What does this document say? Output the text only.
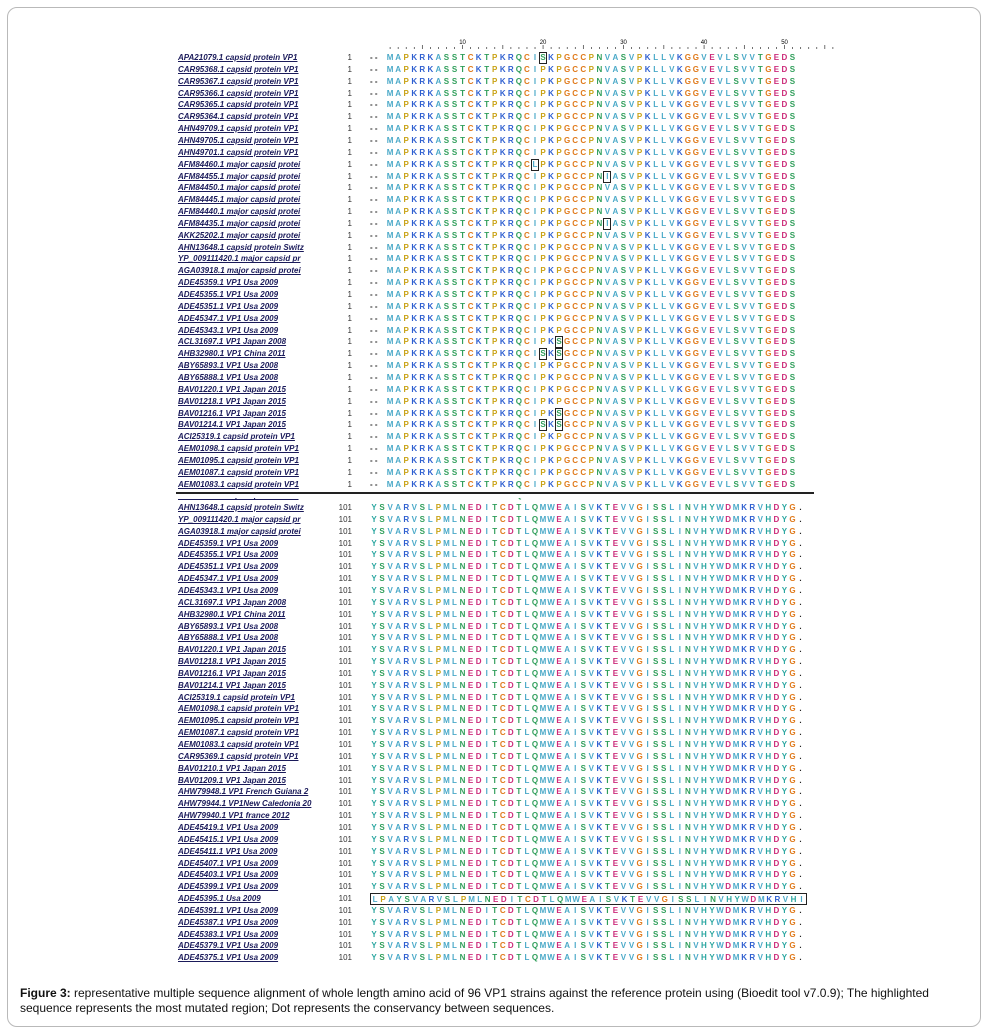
10	20	30	40	50
APA21079.1 capsid protein VP1	1 - - M A P K R K A S S T C K T P K R Q C I S K P G C C P N V A S V P K L L V K G G V E V L S V V T G E D S
CAR95368.1 capsid protein VP1	1 - - M A P K R K A S S T C K T P K R Q C I P K P G C C P N V A S V P K L L V K G G V E V L S V V T G E D S
CAR95367.1 capsid protein VP1	1 - - M A P K R K A S S T C K T P K R Q C I P K P G C C P N V A S V P K L L V K G G V E V L S V V T G E D S
CAR95366.1 capsid protein VP1	1 - - M A P K R K A S S T C K T P K R Q C I P K P G C C P N V A S V P K L L V K G G V E V L S V V T G E D S
CAR95365.1 capsid protein VP1	1 - - M A P K R K A S S T C K T P K R Q C I P K P G C C P N V A S V P K L L V K G G V E V L S V V T G E D S
CAR95364.1 capsid protein VP1	1 - - M A P K R K A S S T C K T P K R Q C I P K P G C C P N V A S V P K L L V K G G V E V L S V V T G E D S
AHN49709.1 capsid protein VP1	1 - - M A P K R K A S S T C K T P K R Q C I P K P G C C P N V A S V P K L L V K G G V E V L S V V T G E D S
AHN49705.1 capsid protein VP1	1 - - M A P K R K A S S T C K T P K R Q C I P K P G C C P N V A S V P K L L V K G G V E V L S V V T G E D S
AHN49701.1 capsid protein VP1	1 - - M A P K R K A S S T C K T P K R Q C I P K P G C C P N V A S V P K L L V K G G V E V L S V V T G E D S
AFM84460.1 major capsid protei	1 - - M A P K R K A S S T C K T P K R Q C L P K P G C C P N V A S V P K L L V K G G V E V L S V V T G E D S
AFM84455.1 major capsid protei	1 - - M A P K R K A S S T C K T P K R Q C I P K P G C C P N I A S V P K L L V K G G V E V L S V V T G E D S
AFM84450.1 major capsid protei	1 - - M A P K R K A S S T C K T P K R Q C I P K P G C C P N V A S V P K L L V K G G V E V L S V V T G E D S
AFM84445.1 major capsid protei	1 - - M A P K R K A S S T C K T P K R Q C I P K P G C C P N V A S V P K L L V K G G V E V L S V V T G E D S
AFM84440.1 major capsid protei	1 - - M A P K R K A S S T C K T P K R Q C I P K P G C C P N V A S V P K L L V K G G V E V L S V V T G E D S
AFM84435.1 major capsid protei	1 - - M A P K R K A S S T C K T P K R Q C I P K P G C C P N I A S V P K L L V K G G V E V L S V V T G E D S
AKK25202.1 major capsid protei	1 - - M A P K R K A S S T C K T P K R Q C I P K P G C C P N V A S V P K L L V K G G V E V L S V V T G E D S
AHN13648.1 capsid protein Switz	1 - - M A P K R K A S S T C K T P K R Q C I P K P G C C P N V A S V P K L L V K G G V E V L S V V T G E D S
YP_009111420.1 major capsid pr	1 - - M A P K R K A S S T C K T P K R Q C I P K P G C C P N V A S V P K L L V K G G V E V L S V V T G E D S
AGA03918.1 major capsid protei	1 - - M A P K R K A S S T C K T P K R Q C I P K P G C C P N V A S V P K L L V K G G V E V L S V V T G E D S
ADE45359.1 VP1 Usa 2009	1 - - M A P K R K A S S T C K T P K R Q C I P K P G C C P N V A S V P K L L V K G G V E V L S V V T G E D S
ADE45355.1 VP1 Usa 2009	1 - - M A P K R K A S S T C K T P K R Q C I P K P G C C P N V A S V P K L L V K G G V E V L S V V T G E D S
ADE45351.1 VP1 Usa 2009	1 - - M A P K R K A S S T C K T P K R Q C I P K P G C C P N V A S V P K L L V K G G V E V L S V V T G E D S
ADE45347.1 VP1 Usa 2009	1 - - M A P K R K A S S T C K T P K R Q C I P K P G C C P N V A S V P K L L V K G G V E V L S V V T G E D S
ADE45343.1 VP1 Usa 2009	1 - - M A P K R K A S S T C K T P K R Q C I P K P G C C P N V A S V P K L L V K G G V E V L S V V T G E D S
ACL31697.1 VP1 Japan 2008	1 - - M A P K R K A S S T C K T P K R Q C I P K S G C C P N V A S V P K L L V K G G V E V L S V V T G E D S
AHB32980.1 VP1 China 2011	1 - - M A P K R K A S S T C K T P K R Q C I S K S G C C P N V A S V P K L L V K G G V E V L S V V T G E D S
ABY65893.1 VP1 Usa 2008	1 - - M A P K R K A S S T C K T P K R Q C I P K P G C C P N V A S V P K L L V K G G V E V L S V V T G E D S
ABY65888.1 VP1 Usa 2008	1 - - M A P K R K A S S T C K T P K R Q C I P K P G C C P N V A S V P K L L V K G G V E V L S V V T G E D S
BAV01220.1 VP1 Japan 2015	1 - - M A P K R K A S S T C K T P K R Q C I P K P G C C P N V A S V P K L L V K G G V E V L S V V T G E D S
BAV01218.1 VP1 Japan 2015	1 - - M A P K R K A S S T C K T P K R Q C I P K P G C C P N V A S V P K L L V K G G V E V L S V V T G E D S
BAV01216.1 VP1 Japan 2015	1 - - M A P K R K A S S T C K T P K R Q C I P K S G C C P N V A S V P K L L V K G G V E V L S V V T G E D S
BAV01214.1 VP1 Japan 2015	1 - - M A P K R K A S S T C K T P K R Q C I S K S G C C P N V A S V P K L L V K G G V E V L S V V T G E D S
ACI25319.1 capsid protein VP1	1 - - M A P K R K A S S T C K T P K R Q C I P K P G C C P N V A S V P K L L V K G G V E V L S V V T G E D S
AEM01098.1 capsid protein VP1	1 - - M A P K R K A S S T C K T P K R Q C I P K P G C C P N V A S V P K L L V K G G V E V L S V V T G E D S
AEM01095.1 capsid protein VP1	1 - - M A P K R K A S S T C K T P K R Q C I P K P G C C P N V A S V P K L L V K G G V E V L S V V T G E D S
AEM01087.1 capsid protein VP1	1 - - M A P K R K A S S T C K T P K R Q C I P K P G C C P N V A S V P K L L V K G G V E V L S V V T G E D S
AEM01083.1 capsid protein VP1	1 - - M A P K R K A S S T C K T P K R Q C I P K P G C C P N V A S V P K L L V K G G V E V L S V V T G E D S
AHN13648.1 capsid protein Switz	101 Y S V A R V S L P M L N E D I T C D T L Q MW E A I S V K T E V V G I S S L I N V H Y WD M K R V H D Y G .
YP_009111420.1 major capsid pr	101 Y S V A R V S L P M L N E D I T C D T L Q MW E A I S V K T E V V G I S S L I N V H Y WD M K R V H D Y G .
AGA03918.1 major capsid protei	101 Y S V A R V S L P M L N E D I T C D T L Q MW E A I S V K T E V V G I S S L I N V H Y WD M K R V H D Y G .
ADE45359.1 VP1 Usa 2009	101 Y S V A R V S L P M L N E D I T C D T L Q MW E A I S V K T E V V G I S S L I N V H Y WD M K R V H D Y G .
ADE45355.1 VP1 Usa 2009	101 Y S V A R V S L P M L N E D I T C D T L Q MW E A I S V K T E V V G I S S L I N V H Y WD M K R V H D Y G .
ADE45351.1 VP1 Usa 2009	101 Y S V A R V S L P M L N E D I T C D T L Q MW E A I S V K T E V V G I S S L I N V H Y WD M K R V H D Y G .
ADE45347.1 VP1 Usa 2009	101 Y S V A R V S L P M L N E D I T C D T L Q MW E A I S V K T E V V G I S S L I N V H Y WD M K R V H D Y G .
ADE45343.1 VP1 Usa 2009	101 Y S V A R V S L P M L N E D I T C D T L Q MW E A I S V K T E V V G I S S L I N V H Y WD M K R V H D Y G .
ACL31697.1 VP1 Japan 2008	101 Y S V A R V S L P M L N E D I T C D T L Q MW E A I S V K T E V V G I S S L I N V H Y WD M K R V H D Y G .
AHB32980.1 VP1 China 2011	101 Y S V A R V S L P M L N E D I T C D T L Q MW E A I S V K T E V V G I S S L I N V H Y WD M K R V H D Y G .
ABY65893.1 VP1 Usa 2008	101 Y S V A R V S L P M L N E D I T C D T L Q MW E A I S V K T E V V G I S S L I N V H Y WD M K R V H D Y G .
ABY65888.1 VP1 Usa 2008	101 Y S V A R V S L P M L N E D I T C D T L Q MW E A I S V K T E V V G I S S L I N V H Y WD M K R V H D Y G .
BAV01220.1 VP1 Japan 2015	101 Y S V A R V S L P M L N E D I T C D T L Q MW E A I S V K T E V V G I S S L I N V H Y WD M K R V H D Y G .
BAV01218.1 VP1 Japan 2015	101 Y S V A R V S L P M L N E D I T C D T L Q MW E A I S V K T E V V G I S S L I N V H Y WD M K R V H D Y G .
BAV01216.1 VP1 Japan 2015	101 Y S V A R V S L P M L N E D I T C D T L Q MW E A I S V K T E V V G I S S L I N V H Y WD M K R V H D Y G .
BAV01214.1 VP1 Japan 2015	101 Y S V A R V S L P M L N E D I T C D T L Q MW E A I S V K T E V V G I S S L I N V H Y WD M K R V H D Y G .
ACI25319.1 capsid protein VP1	101 Y S V A R V S L P M L N E D I T C D T L Q MW E A I S V K T E V V G I S S L I N V H Y WD M K R V H D Y G .
AEM01098.1 capsid protein VP1	101 Y S V A R V S L P M L N E D I T C D T L Q MW E A I S V K T E V V G I S S L I N V H Y WD M K R V H D Y G .
AEM01095.1 capsid protein VP1	101 Y S V A R V S L P M L N E D I T C D T L Q MW E A I S V K T E V V G I S S L I N V H Y WD M K R V H D Y G .
AEM01087.1 capsid protein VP1	101 Y S V A R V S L P M L N E D I T C D T L Q MW E A I S V K T E V V G I S S L I N V H Y WD M K R V H D Y G .
AEM01083.1 capsid protein VP1	101 Y S V A R V S L P M L N E D I T C D T L Q MW E A I S V K T E V V G I S S L I N V H Y WD M K R V H D Y G .
CAR95369.1 capsid protein VP1	101 Y S V A R V S L P M L N E D I T C D T L Q MW E A I S V K T E V V G I S S L I N V H Y WD M K R V H D Y G .
BAV01210.1 VP1 Japan 2015	101 Y S V A R V S L P M L N E D I T C D T L Q MW E A I S V K T E V V G I S S L I N V H Y WD M K R V H D Y G .
BAV01209.1 VP1 Japan 2015	101 Y S V A R V S L P M L N E D I T C D T L Q MW E A I S V K T E V V G I S S L I N V H Y WD M K R V H D Y G .
AHW79948.1 VP1 French Guiana 2	101 Y S V A R V S L P M L N E D I T C D T L Q MW E A I S V K T E V V G I S S L I N V H Y WD M K R V H D Y G .
AHW79944.1 VP1New Caledonia 20	101 Y S V A R V S L P M L N E D I T C D T L Q MW E A I S V K T E V V G I S S L I N V H Y WD M K R V H D Y G .
AHW79940.1 VP1 france 2012	101 Y S V A R V S L P M L N E D I T C D T L Q MW E A I S V K T E V V G I S S L I N V H Y WD M K R V H D Y G .
ADE45419.1 VP1 Usa 2009	101 Y S V A R V S L P M L N E D I T C D T L Q MW E A I S V K T E V V G I S S L I N V H Y WD M K R V H D Y G .
ADE45415.1 VP1 Usa 2009	101 Y S V A R V S L P M L N E D I T C D T L Q MW E A I S V K T E V V G I S S L I N V H Y WD M K R V H D Y G .
ADE45411.1 VP1 Usa 2009	101 Y S V A R V S L P M L N E D I T C D T L Q MW E A I S V K T E V V G I S S L I N V H Y WD M K R V H D Y G .
ADE45407.1 VP1 Usa 2009	101 Y S V A R V S L P M L N E D I T C D T L Q MW E A I S V K T E V V G I S S L I N V H Y WD M K R V H D Y G .
ADE45403.1 VP1 Usa 2009	101 Y S V A R V S L P M L N E D I T C D T L Q MW E A I S V K T E V V G I S S L I N V H Y WD M K R V H D Y G .
ADE45399.1 VP1 Usa 2009	101 Y S V A R V S L P M L N E D I T C D T L Q MW E A I S V K T E V V G I S S L I N V H Y WD M K R V H D Y G .
ADE45395.1 Usa 2009	101	L P A Y S V A R V S L P M L N E D I T C D T L Q MW E A I S V K T E V V G I S S L I N V H Y WD M K R V H I
ADE45391.1 VP1 Usa 2009	101 Y S V A R V S L P M L N E D I T C D T L Q MW E A I S V K T E V V G I S S L I N V H Y WD M K R V H D Y G .
ADE45387.1 VP1 Usa 2009	101 Y S V A R V S L P M L N E D I T C D T L Q MW E A I S V K T E V V G I S S L I N V H Y WD M K R V H D Y G .
ADE45383.1 VP1 Usa 2009	101 Y S V A R V S L P M L N E D I T C D T L Q MW E A I S V K T E V V G I S S L I N V H Y WD M K R V H D Y G .
ADE45379.1 VP1 Usa 2009	101 Y S V A R V S L P M L N E D I T C D T L Q MW E A I S V K T E V V G I S S L I N V H Y WD M K R V H D Y G .
ADE45375.1 VP1 Usa 2009	101 Y S V A R V S L P M L N E D I T C D T L Q MW E A I S V K T E V V G I S S L I N V H Y WD M K R V H D Y G .
Figure 3: representative multiple sequence alignment of whole length amino acid of 96 VP1 strains against the reference protein using (Bioedit tool v7.0.9); The highlighted sequence represents the most mutated region; Dot represents the conservancy between sequences.
